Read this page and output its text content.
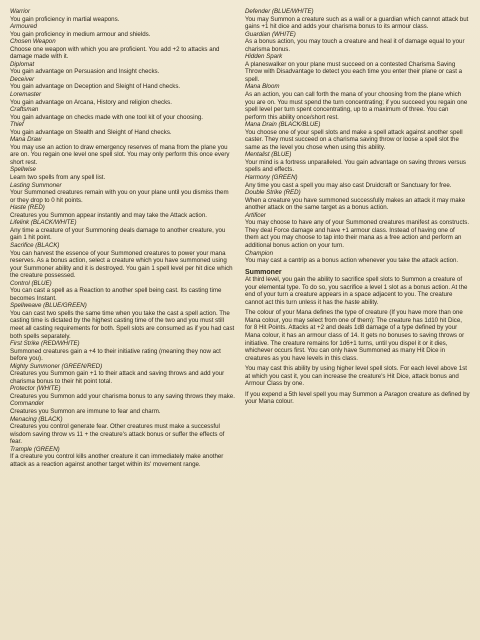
Warrior
You gain proficiency in martial weapons.
Armoured
You gain proficiency in medium armour and shields.
Chosen Weapon
Choose one weapon with which you are proficient. You add +2 to attacks and damage made with it.
Diplomat
You gain advantage on Persuasion and Insight checks.
Deceiver
You gain advantage on Deception and Sleight of Hand checks.
Loremaster
You gain advantage on Arcana, History and religion checks.
Craftsman
You gain advantage on checks made with one tool kit of your choosing.
Thief
You gain advantage on Stealth and Sleight of Hand checks.
Mana Draw
You may use an action to draw emergency reserves of mana from the plane you are on. You regain one level one spell slot. You may only perform this once every short rest.
Spellwise
Learn two spells from any spell list.
Lasting Summoner
Your Summoned creatures remain with you on your plane until you dismiss them or they drop to 0 hit points.
Haste (RED)
Creatures you Summon appear instantly and may take the Attack action.
Lifelink (BLACK/WHITE)
Any time a creature of your Summoning deals damage to another creature, you gain 1 hit point.
Sacrifice (BLACK)
You can harvest the essence of your Summoned creatures to power your mana reserves. As a bonus action, select a creature which you have summoned using your Summoner ability and it is destroyed. You gain 1 spell level per hit dice which the creature possessed.
Control (BLUE)
You can cast a spell as a Reaction to another spell being cast. Its casting time becomes Instant.
Spellweave (BLUE/GREEN)
You can cast two spells the same time when you take the cast a spell action. The casting time is dictated by the highest casting time of the two and you must still meet all casting requirements for both. Spell slots are consumed as if you had cast both spells separately.
First Strike (RED/WHITE)
Summoned creatures gain a +4 to their initiative rating (meaning they now act before you).
Mighty Summoner (GREEN/RED)
Creatures you Summon gain +1 to their attack and saving throws and add your charisma bonus to their hit point total.
Protector (WHITE)
Creatures you Summon add your charisma bonus to any saving throws they make.
Commander
Creatures you Summon are immune to fear and charm.
Menacing (BLACK)
Creatures you control generate fear. Other creatures must make a successful wisdom saving throw vs 11 + the creature's attack bonus or suffer the effects of fear.
Trample (GREEN)
If a creature you control kills another creature it can immediately make another attack as a reaction against another target within its' movement range.
Defender (BLUE/WHITE)
You may Summon a creature such as a wall or a guardian which cannot attack but gains +1 hit dice and adds your charisma bonus to its armour class.
Guardian (WHITE)
As a bonus action, you may touch a creature and heal it of damage equal to your charisma bonus.
Hidden Spark
A planeswalker on your plane must succeed on a contested Charisma Saving Throw with Disadvantage to detect you each time you enter their plane or cast a spell.
Mana Bloom
As an action, you can call forth the mana of your choosing from the plane which you are on. You must spend the turn concentrating; if you succeed you regain one spell level per turn spent concentrating, up to a maximum of three. You can perform this ability once/short rest.
Mana Drain (BLACK/BLUE)
You choose one of your spell slots and make a spell attack against another spell caster. They must succeed on a charisma saving throw or loose a spell slot the same as the level you chose when using this ability.
Mentalist (BLUE)
Your mind is a fortress unparalleled. You gain advantage on saving throws versus spells and effects.
Harmony (GREEN)
Any time you cast a spell you may also cast Druidcraft or Sanctuary for free.
Double Strike (RED)
When a creature you have summoned successfully makes an attack it may make another attack on the same target as a bonus action.
Artificer
You may choose to have any of your Summoned creatures manifest as constructs. They deal Force damage and have +1 armour class. Instead of having one of them act you may choose to tap into their mana as a free action and perform an additional bonus action on your turn.
Champion
You may cast a cantrip as a bonus action whenever you take the attack action.
Summoner
At third level, you gain the ability to sacrifice spell slots to Summon a creature of your elemental type. To do so, you sacrifice a level 1 slot as a bonus action. At the end of your turn a creature appears in a space adjacent to you. The creature cannot act this turn unless it has the haste ability.
The colour of your Mana defines the type of creature (If you have more than one Mana colour, you may select from one of them): The creature has 1d10 hit Dice, for 8 Hit Points. Attacks at +2 and deals 1d8 damage of a type defined by your Mana colour, it has an armour class of 14. It gets no bonuses to saving throws or initiative. The creature remains for 1d6+1 turns, until you dispel it or it dies, whichever occurs first. You can only have Summoned as many Hit Dice in creatures as you have levels in this class.
You may cast this ability by using higher level spell slots. For each level above 1st at which you cast it, you can increase the creature's Hit Dice, attack bonus and Armour Class by one.
If you expend a 5th level spell you may Summon a Paragon creature as defined by your Mana colour.
